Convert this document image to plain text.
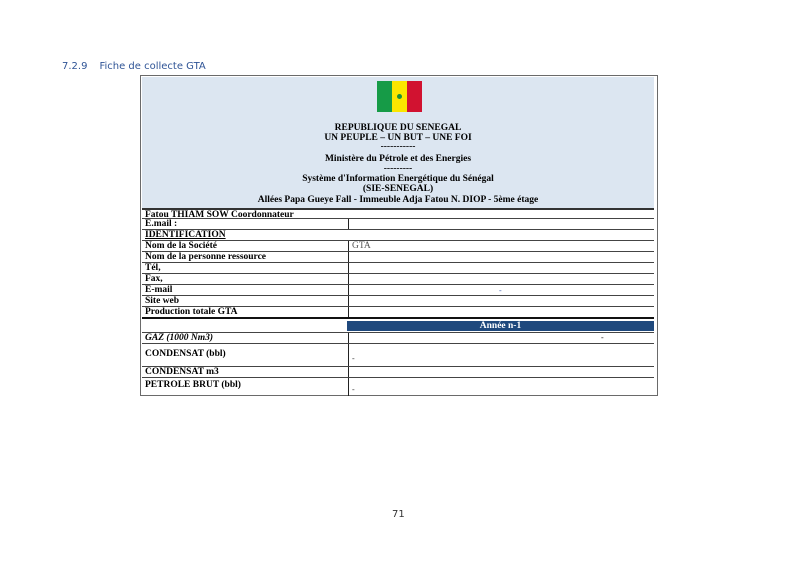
7.2.9 Fiche de collecte GTA
REPUBLIQUE DU SENEGAL
UN PEUPLE – UN BUT – UNE FOI
-----------
Ministère du Pétrole et des Energies
---------
Système d'Information Energétique du Sénégal
(SIE-SENEGAL)
Allées Papa Gueye Fall - Immeuble Adja Fatou N. DIOP - 5ème étage
Fatou THIAM SOW Coordonnateur
E.mail :
IDENTIFICATION
Nom de la Société	GTA
Nom de la personne ressource
Tél,
Fax,
E-mail	-
Site web
Production totale GTA
Année n-1
GAZ (1000 Nm3)	-
CONDENSAT (bbl)	-
CONDENSAT m3
PETROLE BRUT (bbl)	-
71
